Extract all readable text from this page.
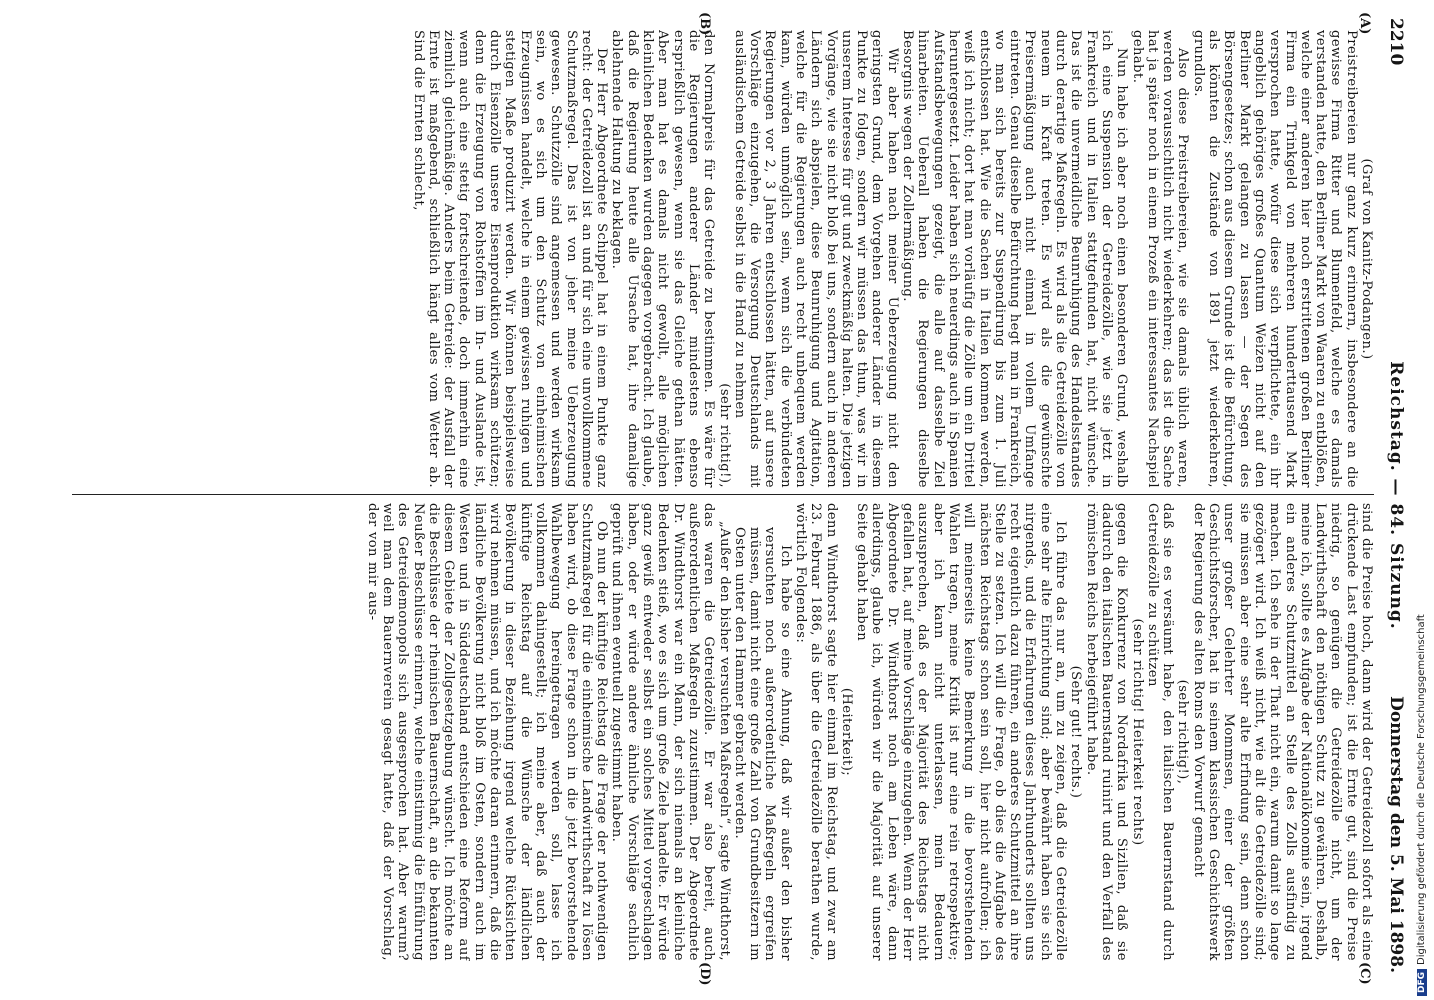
2210
Reichstag. — 84. Sitzung.
Donnerstag den 5. Mai 1898.
(A)
(B)
(C)
(D)

(Graf von Kanitz-Podangen.)

Preistreibereien nur ganz kurz erinnern, insbesondere an die gewisse Firma Ritter und Blumenfeld, welche es damals verstanden hatte, den Berliner Markt von Waaren zu entblößen, welche einer anderen hier noch erstrittenen großen Berliner Firma ein Trinkgeld von mehreren hunderttausend Mark versprochen hatte, wofür diese sich verpflichtete, ein ihr angeblich gehöriges großes Quantum Weizen nicht auf den Berliner Markt gelangen zu lassen — der Segen des Börsengesetzes; schon aus diesem Grunde ist die Befürchtung, als könnten die Zustände von 1891 jetzt wiederkehren, grundlos.

Also diese Preistreibereien, wie sie damals üblich waren, werden voraussichtlich nicht wiederkehren; das ist die Sache hat ja später noch in einem Prozeß ein interessantes Nachspiel gehabt.

Nun habe ich aber noch einen besonderen Grund, weshalb ich eine Suspension der Getreidezölle, wie sie jetzt in Frankreich und in Italien stattgefunden hat, nicht wünsche. Das ist die unvermeidliche Beunruhigung des Handelsstandes durch derartige Maßregeln. Es wird als die Getreidezölle von neuem in Kraft treten. Es wird als die gewünschte Preisermäßigung auch nicht einmal in vollem Umfange eintreten. Genau dieselbe Befürchtung hegt man in Frankreich, wo man sich bereits zur Suspendirung bis zum 1. Juli entschlossen hat. Wie die Sachen in Italien kommen werden, weiß ich nicht; dort hat man vorläufig die Zölle um ein Drittel heruntergesetzt. Leider haben sich neuerdings auch in Spanien Aufstandsbewegungen gezeigt, die alle auf dasselbe Ziel hinarbeiten. Ueberall haben die Regierungen dieselbe Besorgnis wegen der Zollermäßigung.

Wir aber haben nach meiner Ueberzeugung nicht den geringsten Grund, dem Vorgehen anderer Länder in diesem Punkte zu folgen, sondern wir müssen das thun, was wir in unserem Interesse für gut und zweckmäßig halten. Die jetzigen Vorgänge, wie sie nicht bloß bei uns, sondern auch in anderen Ländern sich abspielen, diese Beunruhigung und Agitation, welche für die Regierungen auch recht unbequem werden kann, würden unmöglich sein, wenn sich die verbündeten Regierungen vor 2, 3 Jahren entschlossen hätten, auf unsere Vorschläge einzugehen, die Versorgung Deutschlands mit ausländischem Getreide selbst in die Hand zu nehmen

(sehr richtig!),

den Normalpreis für das Getreide zu bestimmen. Es wäre für die Regierungen anderer Länder mindestens ebenso ersprießlich gewesen, wenn sie das Gleiche gethan hätten. Aber man hat es damals nicht gewollt, alle möglichen kleinlichen Bedenken wurden dagegen vorgebracht. Ich glaube, daß die Regierung heute alle Ursache hat, ihre damalige ablehnende Haltung zu beklagen.

Der Herr Abgeordnete Schippel hat in einem Punkte ganz recht: der Getreidezoll ist an und für sich eine unvollkommene Schutzmaßregel. Das ist von jeher meine Ueberzeugung gewesen. Schutzzölle sind angemessen und werden wirksam sein, wo es sich um den Schutz von einheimischen Erzeugnissen handelt, welche in einem gewissen ruhigen und stetigen Maße produzirt werden. Wir können beispielsweise durch Eisenzölle unsere Eisenproduktion wirksam schützen; denn die Erzeugung von Rohstoffen im In- und Auslande ist, wenn auch eine stetig fortschreitende, doch immerhin eine ziemlich gleichmäßige. Anders beim Getreide: der Ausfall der Ernte ist maßgebend, schließlich hängt alles vom Wetter ab. Sind die Ernten schlecht,

sind die Preise hoch, dann wird der Getreidezoll sofort als eine drückende Last empfunden; ist die Ernte gut, sind die Preise niedrig, so genügen die Getreidezölle nicht, um der Landwirthschaft den nöthigen Schutz zu gewähren. Deshalb, meine ich, sollte es Aufgabe der Nationalökonomie sein, irgend ein anderes Schutzmittel an Stelle des Zolls ausfindig zu machen. Ich sehe in der That nicht ein, warum damit so lange gezögert wird. Ich weiß nicht, wie alt die Getreidezölle sind; sie müssen aber eine sehr alte Erfindung sein, denn schon unser großer Gelehrter Mommsen, einer der größten Geschichtsforscher, hat in seinem klassischen Geschichtswerk der Regierung des alten Roms den Vorwurf gemacht

(sehr richtig!),

daß sie es versäumt habe, den italischen Bauernstand durch Getreidezölle zu schützen

(sehr richtig! Heiterkeit rechts)

gegen die Konkurrenz von Nordafrika und Sizilien, daß sie dadurch den italischen Bauernstand ruinirt und den Verfall des römischen Reichs herbeigeführt habe.

(Sehr gut! rechts.)

Ich führe das nur an, um zu zeigen, daß die Getreidezölle eine sehr alte Einrichtung sind; aber bewährt haben sie sich nirgends, und die Erfahrungen dieses Jahrhunderts sollten uns recht eigentlich dazu führen, ein anderes Schutzmittel an ihre Stelle zu setzen. Ich will die Frage, ob dies die Aufgabe des nächsten Reichstags schon sein soll, hier nicht aufrollen; ich will meinerseits keine Bemerkung in die bevorstehenden Wahlen tragen, meine Kritik ist nur eine rein retrospektive; aber ich kann nicht unterlassen, mein Bedauern auszusprechen, daß es der Majorität des Reichstags nicht gefallen hat, auf meine Vorschläge einzugehen. Wenn der Herr Abgeordnete Dr. Windthorst noch am Leben wäre, dann allerdings, glaube ich, würden wir die Majorität auf unserer Seite gehabt haben

(Heiterkeit);

denn Windthorst sagte hier einmal im Reichstag, und zwar am 23. Februar 1886, als über die Getreidezölle berathen wurde, wörtlich Folgendes:

Ich habe so eine Ahnung, daß wir außer den bisher versuchten noch außerordentliche Maßregeln ergreifen müssen, damit nicht eine große Zahl von Grundbesitzern im Osten unter den Hammer gebracht werden.

„Außer den bisher versuchten Maßregeln“, sagte Windthorst, das waren die Getreidezölle. Er war also bereit, auch außerordentlichen Maßregeln zuzustimmen. Der Abgeordnete Dr. Windthorst war ein Mann, der sich niemals an kleinliche Bedenken stieß, wo es sich um große Ziele handelte. Er würde ganz gewiß entweder selbst ein solches Mittel vorgeschlagen haben, oder er würde andere ähnliche Vorschläge sachlich geprüft und ihnen eventuell zugestimmt haben.

Ob nun der künftige Reichstag die Frage der nothwendigen Schutzmaßregel für die einheimische Landwirthschaft zu lösen haben wird, ob diese Frage schon in die jetzt bevorstehende Wahlbewegung hereingetragen werden soll, lasse ich vollkommen dahingestellt; ich meine aber, daß auch der künftige Reichstag auf die Wünsche der ländlichen Bevölkerung in dieser Beziehung irgend welche Rücksichten wird nehmen müssen, und ich möchte daran erinnern, daß die ländliche Bevölkerung nicht bloß im Osten, sondern auch im Westen und in Süddeutschland entschieden eine Reform auf diesem Gebiete der Zollgesetzgebung wünscht. Ich möchte an die Beschlüsse der rheinischen Bauernschaft, an die bekannten Neußer Beschlüsse erinnern, welche einstimmig die Einführung des Getreidemonopols sich ausgesprochen hat. Aber warum? weil man dem Bauernverein gesagt hatte, daß der Vorschlag, der von mir aus-

DFGDigitalisierung gefördert durch die Deutsche Forschungsgemeinschaft
